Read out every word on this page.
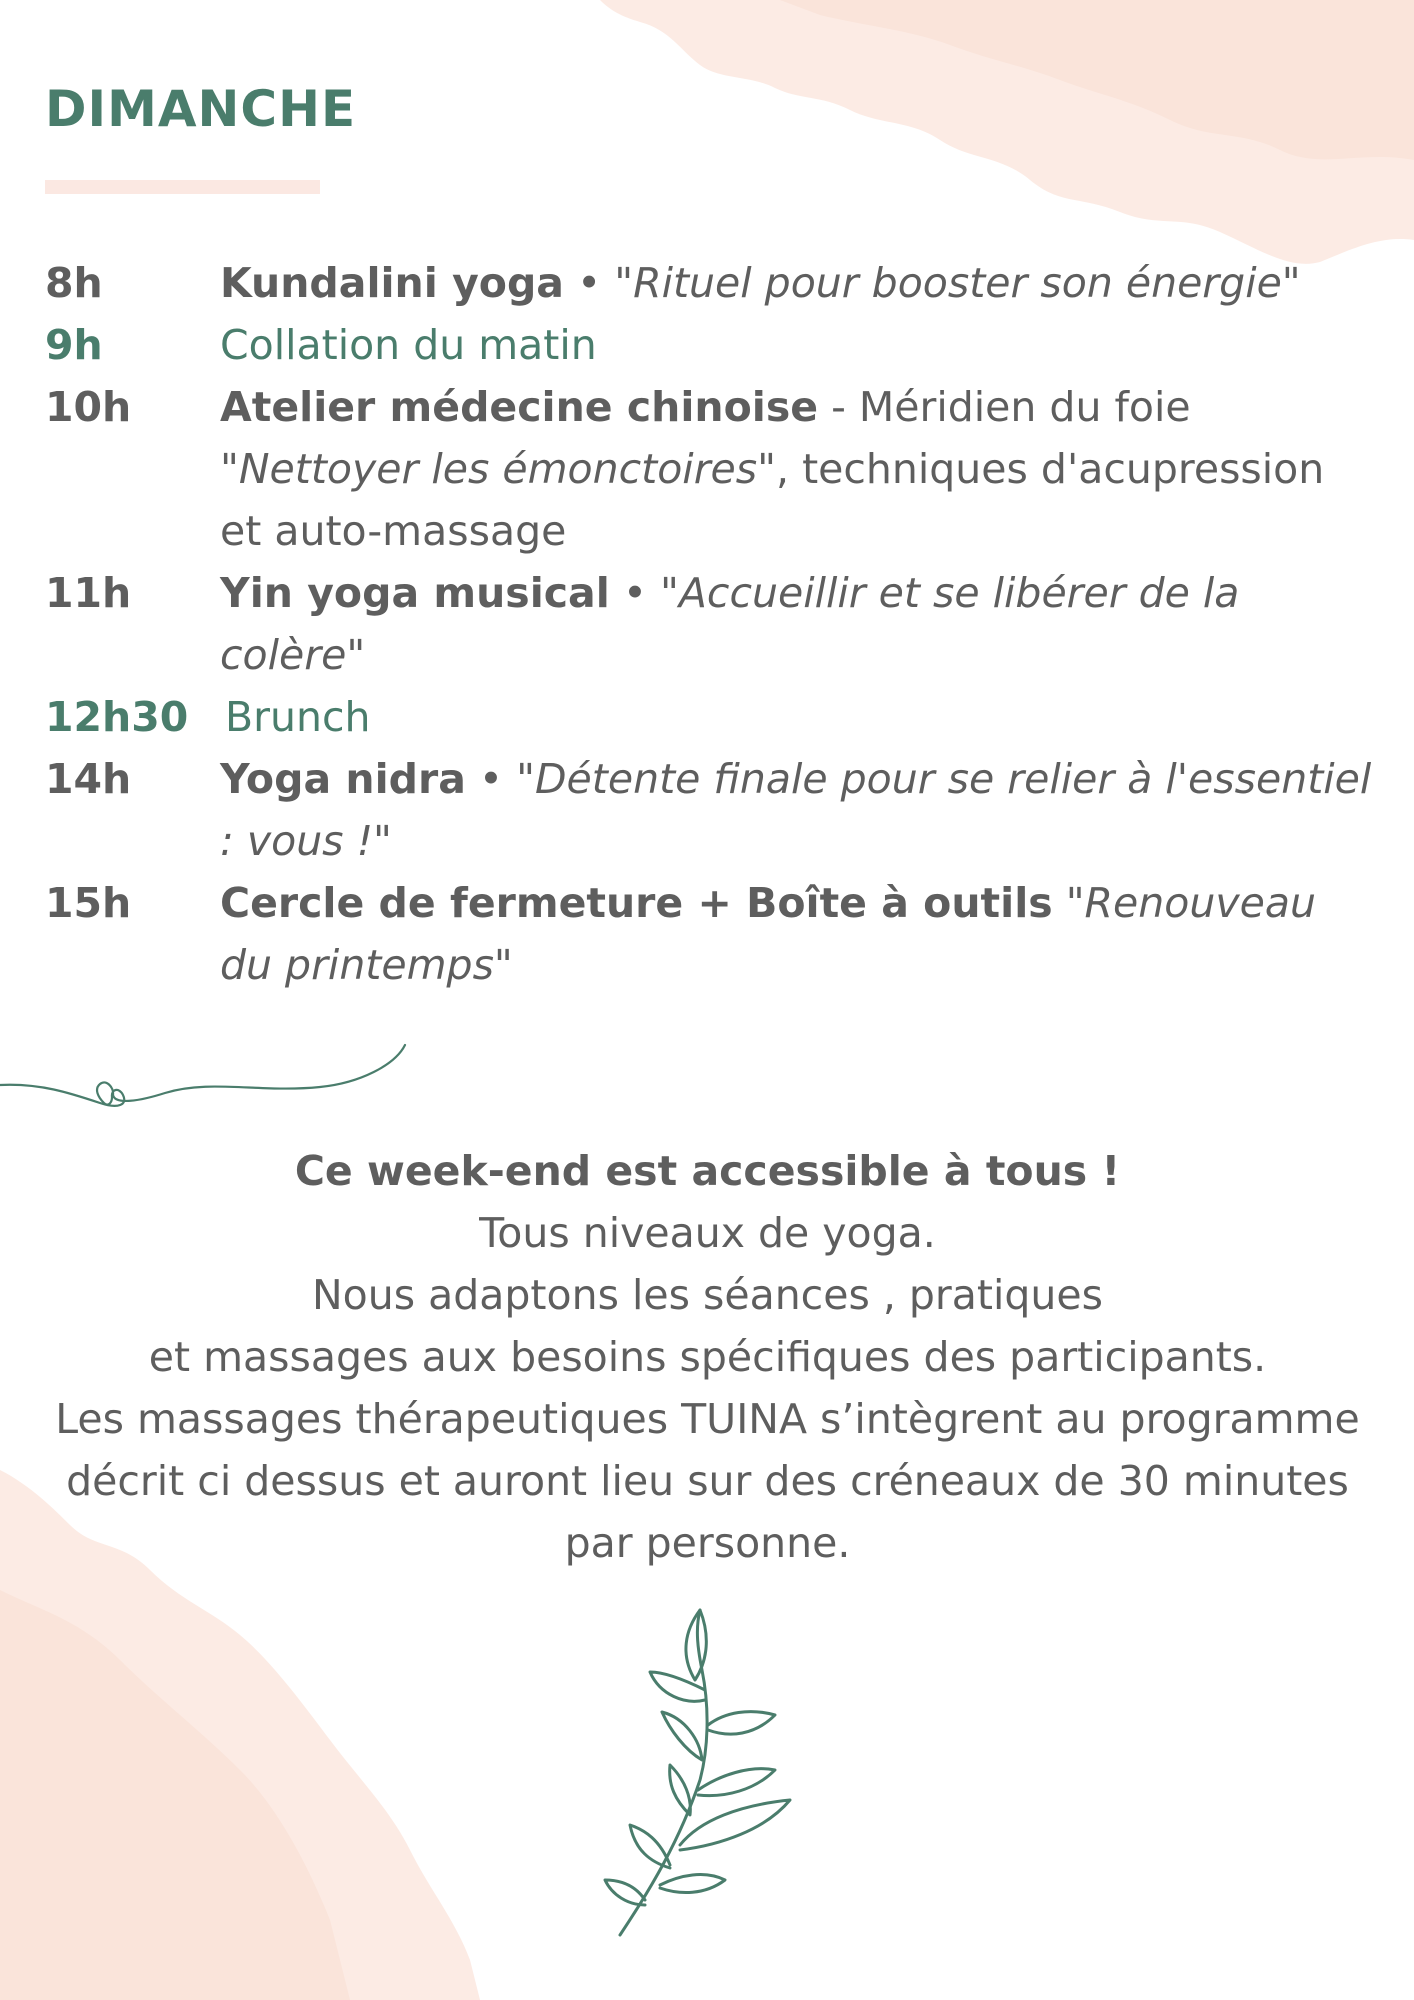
DIMANCHE
8h	Kundalini yoga • "Rituel pour booster son énergie"
9h	Collation du matin
10h	Atelier médecine chinoise - Méridien du foie
"Nettoyer les émonctoires", techniques d'acupression et auto-massage
11h	Yin yoga musical • "Accueillir et se libérer de la colère"
12h30 Brunch
14h	Yoga nidra • "Détente finale pour se relier à l'essentiel : vous !"
15h	Cercle de fermeture + Boîte à outils "Renouveau du printemps"

Ce week-end est accessible à tous !

Tous niveaux de yoga.

Nous adaptons les séances , pratiques

et massages aux besoins spécifiques des participants.

Les massages thérapeutiques TUINA s’intègrent au programme décrit ci dessus et auront lieu sur des créneaux de 30 minutes par personne.
